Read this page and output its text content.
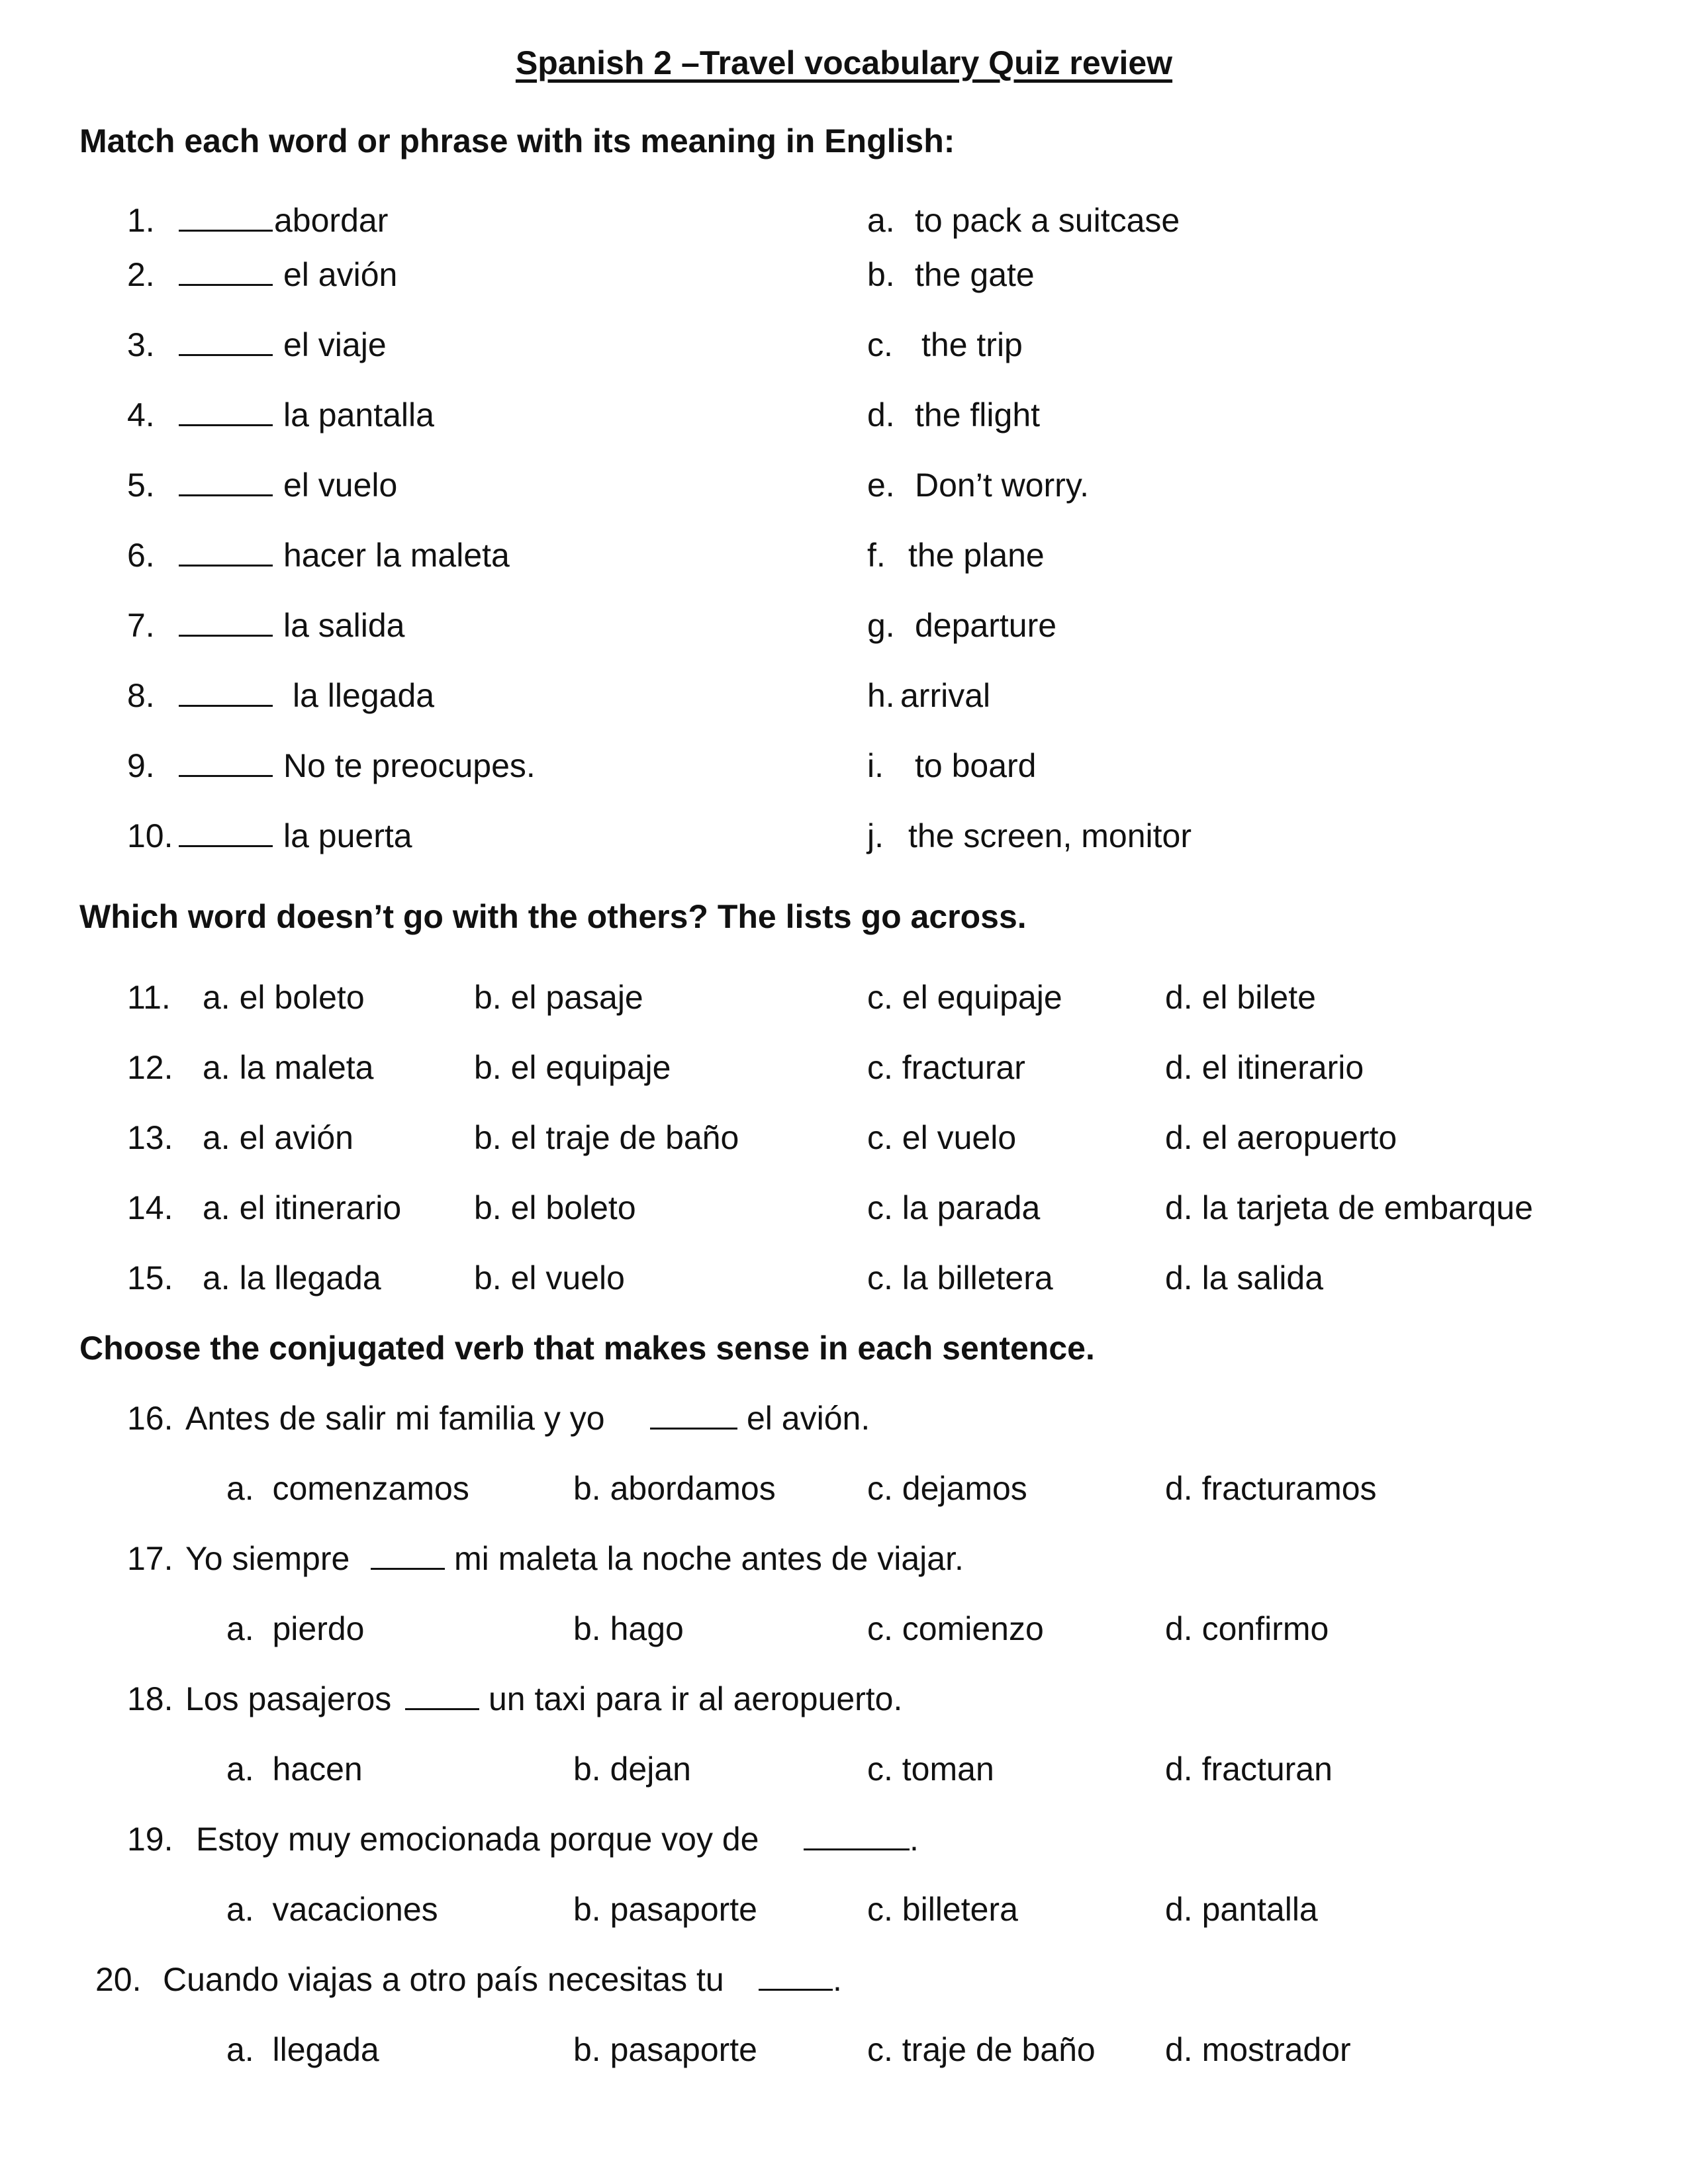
Spanish 2 –Travel vocabulary Quiz review
Match each word or phrase with its meaning in English:
1.	abordar	a. to pack a suitcase
2.	el avión	b. the gate
3.	el viaje	c. the trip
4.	la pantalla	d. the flight
5.	el vuelo	e. Don’t worry.
6.	hacer la maleta	f. the plane
7.	la salida	g. departure
8.	la llegada	h. arrival
9.	No te preocupes.	i. to board
10.	la puerta	j. the screen, monitor
Which word doesn’t go with the others? The lists go across.
11. a. el boleto	b. el pasaje	c. el equipaje	d. el bilete
12. a. la maleta	b. el equipaje	c. fracturar	d. el itinerario
13. a. el avión	b. el traje de baño	c. el vuelo	d. el aeropuerto
14. a. el itinerario b. el boleto	c. la parada	d. la tarjeta de embarque
15. a. la llegada	b. el vuelo	c. la billetera	d. la salida
Choose the conjugated verb that makes sense in each sentence.
16. Antes de salir mi familia y yo	el avión.
a.  comenzamos	b. abordamos	c. dejamos	d. fracturamos
17. Yo siempre	mi maleta la noche antes de viajar.
a.  pierdo	b. hago	c. comienzo	d. confirmo
18. Los pasajeros	un taxi para ir al aeropuerto.
a.  hacen	b. dejan	c. toman	d. fracturan
19. Estoy muy emocionada porque voy de	.
a.  vacaciones	b. pasaporte	c. billetera	d. pantalla
20. Cuando viajas a otro país necesitas tu	.
a.  llegada	b. pasaporte	c. traje de baño d. mostrador
